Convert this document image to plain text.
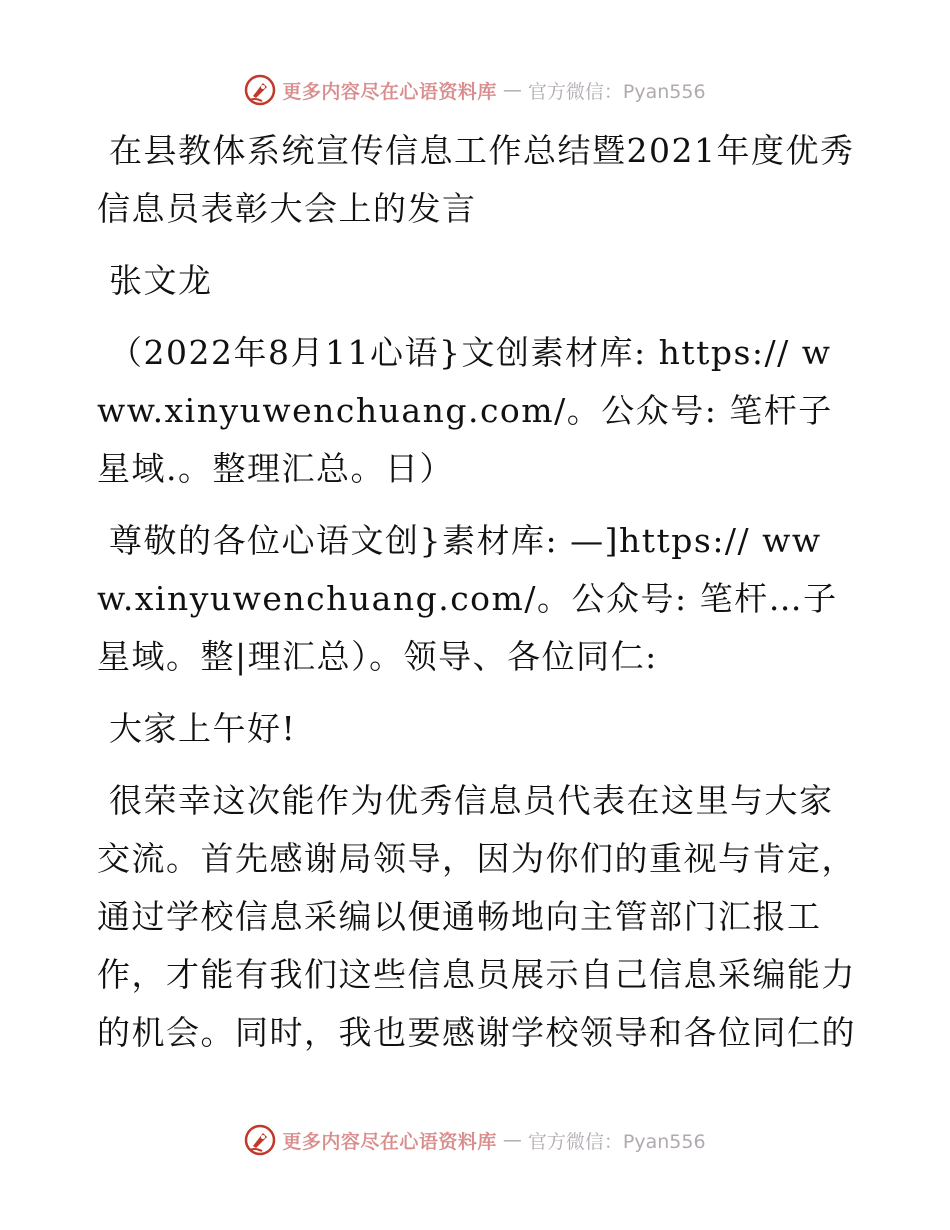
更多内容尽在心语资料库 — 官方微信：Pyan556

在县教体系统宣传信息工作总结暨2021年度优秀信息员表彰大会上的发言

张文龙

（2022年8月11心语}文创素材库: https:// www.xinyuwenchuang.com/。公众号: 笔杆子星域.。整理汇总。日）

尊敬的各位心语文创}素材库: —]https:// www.xinyuwenchuang.com/。公众号: 笔杆…子星域。整|理汇总）。领导、各位同仁:

大家上午好!

很荣幸这次能作为优秀信息员代表在这里与大家交流。首先感谢局领导，因为你们的重视与肯定，通过学校信息采编以便通畅地向主管部门汇报工作，才能有我们这些信息员展示自己信息采编能力的机会。同时，我也要感谢学校领导和各位同仁的

更多内容尽在心语资料库 — 官方微信：Pyan556
